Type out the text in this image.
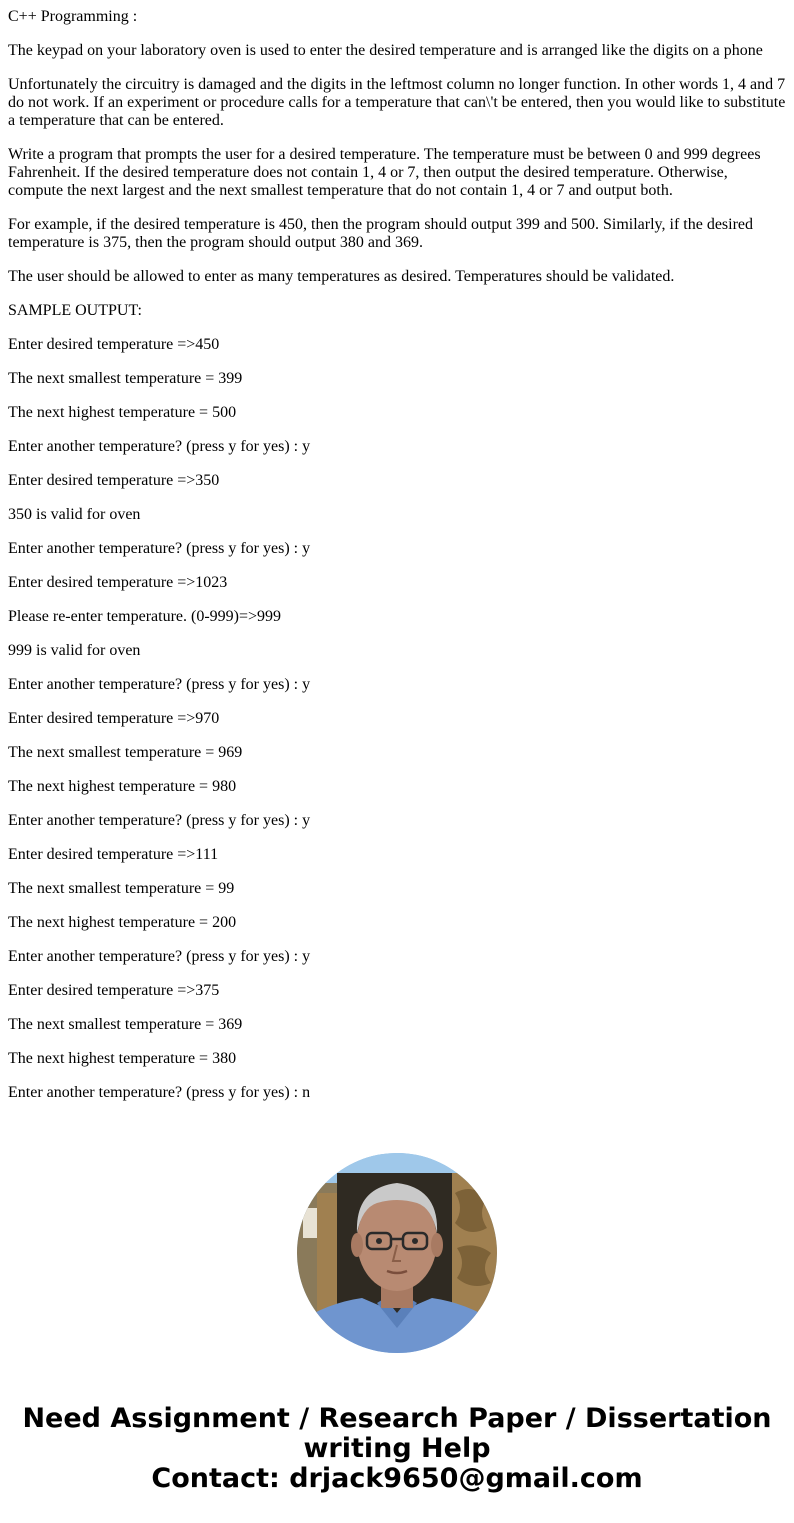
C++ Programming :

The keypad on your laboratory oven is used to enter the desired temperature and is arranged like the digits on a phone

Unfortunately the circuitry is damaged and the digits in the leftmost column no longer function. In other words 1, 4 and 7 do not work. If an experiment or procedure calls for a temperature that can\'t be entered, then you would like to substitute a temperature that can be entered.

Write a program that prompts the user for a desired temperature. The temperature must be between 0 and 999 degrees Fahrenheit. If the desired temperature does not contain 1, 4 or 7, then output the desired temperature. Otherwise, compute the next largest and the next smallest temperature that do not contain 1, 4 or 7 and output both.

For example, if the desired temperature is 450, then the program should output 399 and 500. Similarly, if the desired temperature is 375, then the program should output 380 and 369.

The user should be allowed to enter as many temperatures as desired. Temperatures should be validated.

SAMPLE OUTPUT:

Enter desired temperature =>450

The next smallest temperature = 399

The next highest temperature = 500

Enter another temperature? (press y for yes) : y

Enter desired temperature =>350

350 is valid for oven

Enter another temperature? (press y for yes) : y

Enter desired temperature =>1023

Please re-enter temperature. (0-999)=>999

999 is valid for oven

Enter another temperature? (press y for yes) : y

Enter desired temperature =>970

The next smallest temperature = 969

The next highest temperature = 980

Enter another temperature? (press y for yes) : y

Enter desired temperature =>111

The next smallest temperature = 99

The next highest temperature = 200

Enter another temperature? (press y for yes) : y

Enter desired temperature =>375

The next smallest temperature = 369

The next highest temperature = 380

Enter another temperature? (press y for yes) : n

Need Assignment / Research Paper / Dissertation
writing Help
Contact: drjack9650@gmail.com
